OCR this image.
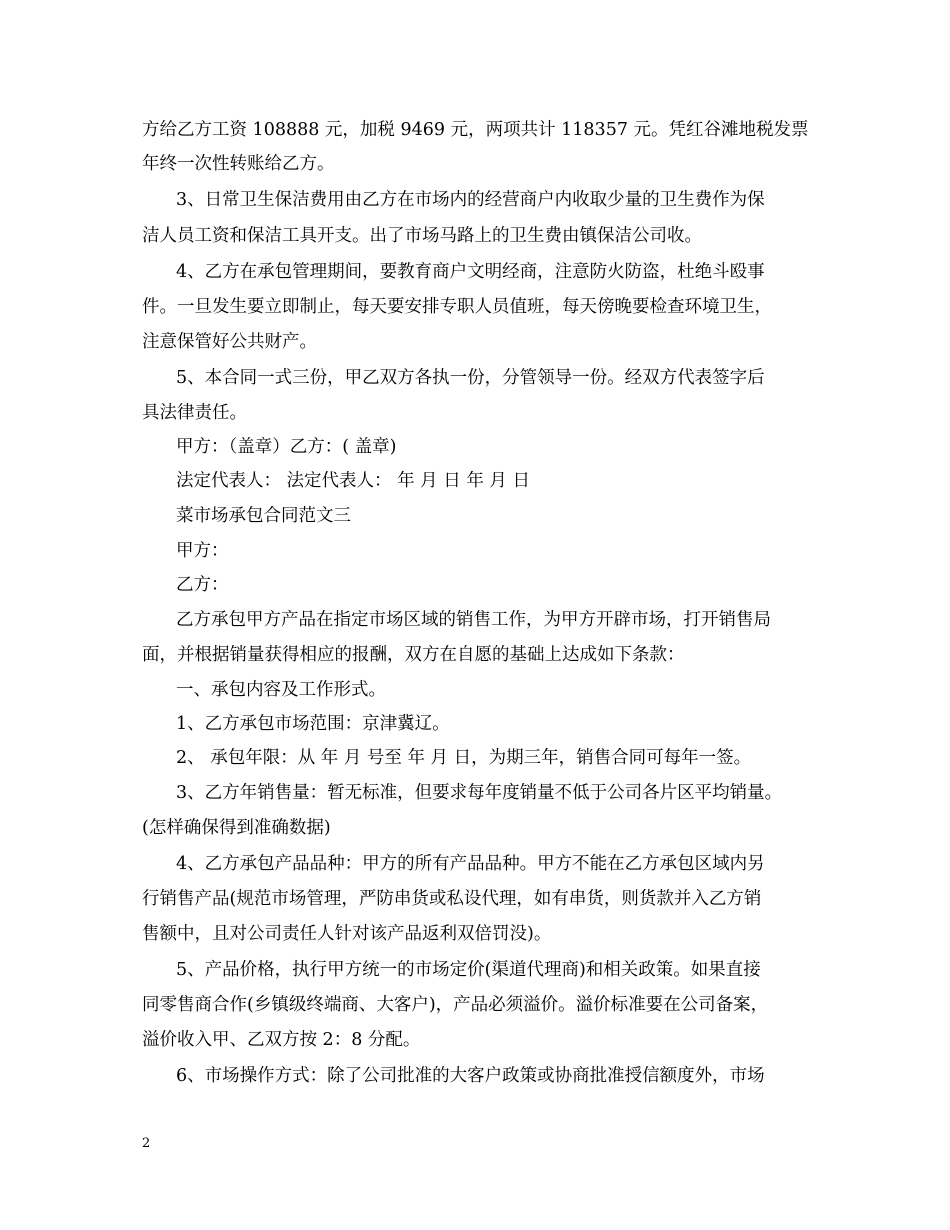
方给乙方工资 108888 元，加税 9469 元，两项共计 118357 元。凭红谷滩地税发票
年终一次性转账给乙方。
3、日常卫生保洁费用由乙方在市场内的经营商户内收取少量的卫生费作为保
洁人员工资和保洁工具开支。出了市场马路上的卫生费由镇保洁公司收。
4、乙方在承包管理期间，要教育商户文明经商，注意防火防盗，杜绝斗殴事
件。一旦发生要立即制止，每天要安排专职人员值班，每天傍晚要检查环境卫生，
注意保管好公共财产。
5、本合同一式三份，甲乙双方各执一份，分管领导一份。经双方代表签字后
具法律责任。
甲方：（盖章）乙方：( 盖章)
法定代表人： 法定代表人： 年 月 日 年 月 日
菜市场承包合同范文三
甲方：
乙方：
乙方承包甲方产品在指定市场区域的销售工作，为甲方开辟市场，打开销售局
面，并根据销量获得相应的报酬，双方在自愿的基础上达成如下条款：
一、承包内容及工作形式。
1、乙方承包市场范围：京津冀辽。
2、 承包年限：从 年 月 号至 年 月 日，为期三年，销售合同可每年一签。
3、乙方年销售量：暂无标准，但要求每年度销量不低于公司各片区平均销量。
(怎样确保得到准确数据)
4、乙方承包产品品种：甲方的所有产品品种。甲方不能在乙方承包区域内另
行销售产品(规范市场管理，严防串货或私设代理，如有串货，则货款并入乙方销
售额中，且对公司责任人针对该产品返利双倍罚没)。
5、产品价格，执行甲方统一的市场定价(渠道代理商)和相关政策。如果直接
同零售商合作(乡镇级终端商、大客户)，产品必须溢价。溢价标准要在公司备案，
溢价收入甲、乙双方按 2：8 分配。
6、市场操作方式：除了公司批准的大客户政策或协商批准授信额度外，市场
2
